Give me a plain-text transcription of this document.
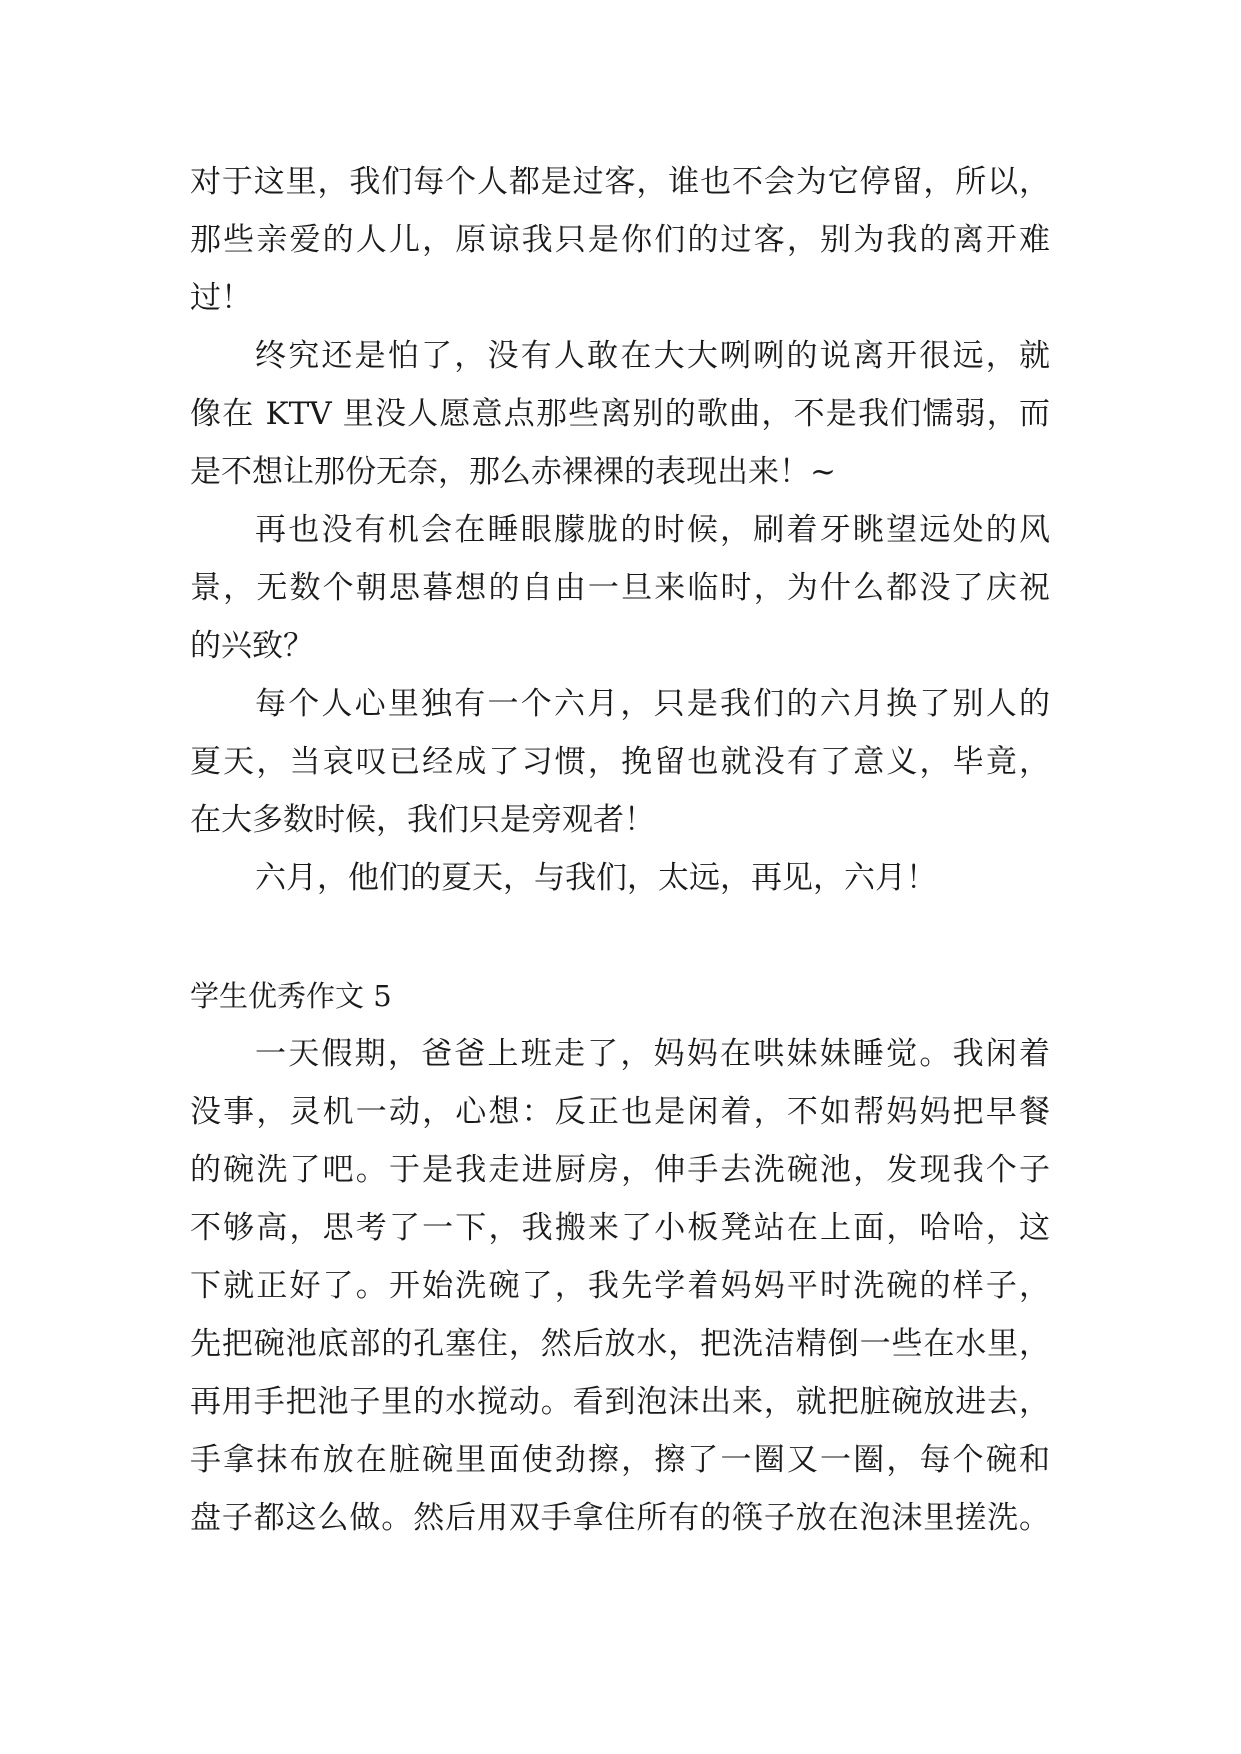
对于这里，我们每个人都是过客，谁也不会为它停留，所以，
那些亲爱的人儿，原谅我只是你们的过客，别为我的离开难
过！
终究还是怕了，没有人敢在大大咧咧的说离开很远，就
像在 KTV 里没人愿意点那些离别的歌曲，不是我们懦弱，而
是不想让那份无奈，那么赤裸裸的表现出来！~
再也没有机会在睡眼朦胧的时候，刷着牙眺望远处的风
景，无数个朝思暮想的自由一旦来临时，为什么都没了庆祝
的兴致？
每个人心里独有一个六月，只是我们的六月换了别人的
夏天，当哀叹已经成了习惯，挽留也就没有了意义，毕竟，
在大多数时候，我们只是旁观者！
六月，他们的夏天，与我们，太远，再见，六月！
学生优秀作文 5
一天假期，爸爸上班走了，妈妈在哄妹妹睡觉。我闲着
没事，灵机一动，心想：反正也是闲着，不如帮妈妈把早餐
的碗洗了吧。于是我走进厨房，伸手去洗碗池，发现我个子
不够高，思考了一下，我搬来了小板凳站在上面，哈哈，这
下就正好了。开始洗碗了，我先学着妈妈平时洗碗的样子，
先把碗池底部的孔塞住，然后放水，把洗洁精倒一些在水里，
再用手把池子里的水搅动。看到泡沫出来，就把脏碗放进去，
手拿抹布放在脏碗里面使劲擦，擦了一圈又一圈，每个碗和
盘子都这么做。然后用双手拿住所有的筷子放在泡沫里搓洗。
